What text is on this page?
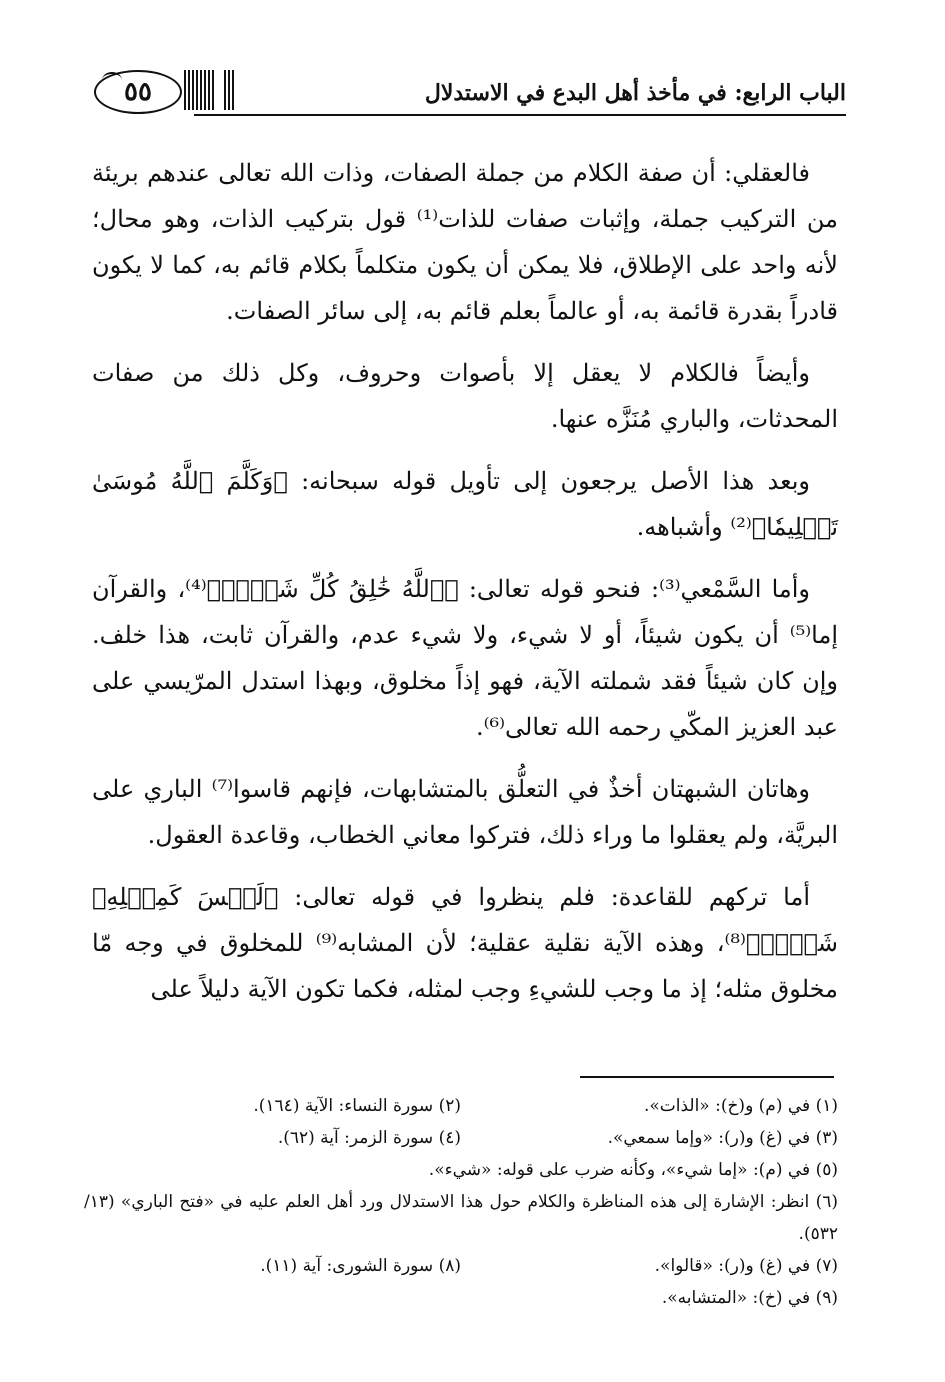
٥٥	الباب الرابع: في مأخذ أهل البدع في الاستدلال

فالعقلي: أن صفة الكلام من جملة الصفات، وذات الله تعالى عندهم بريئة من التركيب جملة، وإثبات صفات للذات⁽¹⁾ قول بتركيب الذات، وهو محال؛ لأنه واحد على الإطلاق، فلا يمكن أن يكون متكلماً بكلام قائم به، كما لا يكون قادراً بقدرة قائمة به، أو عالماً بعلم قائم به، إلى سائر الصفات.

وأيضاً فالكلام لا يعقل إلا بأصوات وحروف، وكل ذلك من صفات المحدثات، والباري مُنَزَّه عنها.

وبعد هذا الأصل يرجعون إلى تأويل قوله سبحانه: ﴿وَكَلَّمَ ٱللَّهُ مُوسَىٰ تَكۡلِيمٗا﴾⁽²⁾ وأشباهه.

وأما السَّمْعي⁽³⁾: فنحو قوله تعالى: ﴿ٱللَّهُ خَٰلِقُ كُلِّ شَيۡءٖ﴾⁽⁴⁾، والقرآن إما⁽⁵⁾ أن يكون شيئاً، أو لا شيء، ولا شيء عدم، والقرآن ثابت، هذا خلف. وإن كان شيئاً فقد شملته الآية، فهو إذاً مخلوق، وبهذا استدل المرّيسي على عبد العزيز المكّي رحمه الله تعالى⁽⁶⁾.

وهاتان الشبهتان أخذٌ في التعلُّق بالمتشابهات، فإنهم قاسوا⁽⁷⁾ الباري على البريَّة، ولم يعقلوا ما وراء ذلك، فتركوا معاني الخطاب، وقاعدة العقول.

أما تركهم للقاعدة: فلم ينظروا في قوله تعالى: ﴿لَيۡسَ كَمِثۡلِهِۦ شَيۡءٞ﴾⁽⁸⁾، وهذه الآية نقلية عقلية؛ لأن المشابه⁽⁹⁾ للمخلوق في وجه مّا مخلوق مثله؛ إذ ما وجب للشيءِ وجب لمثله، فكما تكون الآية دليلاً على

(١) في (م) و(خ): «الذات».
(٢) سورة النساء: الآية (١٦٤).
(٣) في (غ) و(ر): «وإما سمعي».
(٤) سورة الزمر: آية (٦٢).
(٥) في (م): «إما شيء»، وكأنه ضرب على قوله: «شيء».
(٦) انظر: الإشارة إلى هذه المناظرة والكلام حول هذا الاستدلال ورد أهل العلم عليه في «فتح الباري» (١٣/ ٥٣٢).
(٧) في (غ) و(ر): «قالوا».
(٨) سورة الشورى: آية (١١).
(٩) في (خ): «المتشابه».
